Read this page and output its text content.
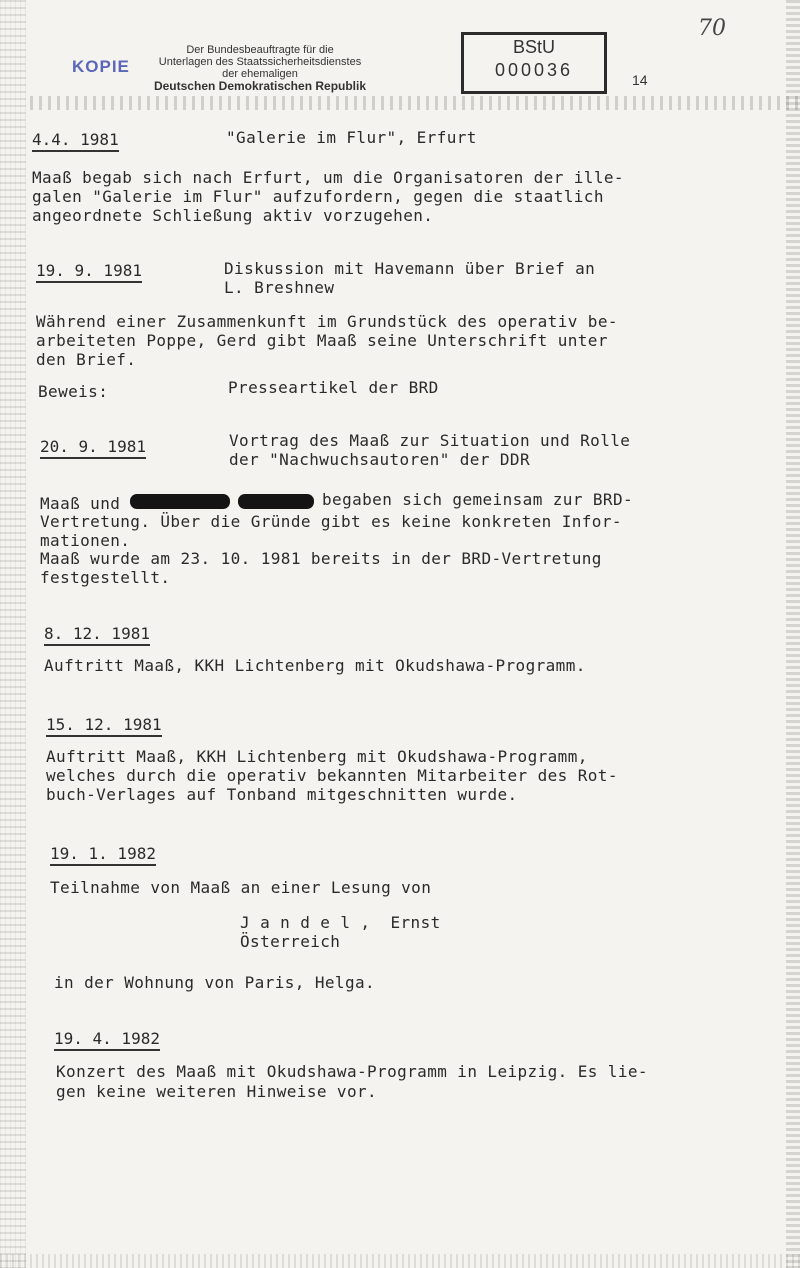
KOPIE
Der Bundesbeauftragte für die
Unterlagen des Staatssicherheitsdienstes
der ehemaligen
Deutschen Demokratischen Republik
BStU
000036	14
70
4.4. 1981	"Galerie im Flur", Erfurt
Maaß begab sich nach Erfurt, um die Organisatoren der ille-
galen "Galerie im Flur" aufzufordern, gegen die staatlich
angeordnete Schließung aktiv vorzugehen.
19. 9. 1981	Diskussion mit Havemann über Brief an
L. Breshnew
Während einer Zusammenkunft im Grundstück des operativ be-
arbeiteten Poppe, Gerd gibt Maaß seine Unterschrift unter
den Brief.
Beweis:	Presseartikel der BRD
20. 9. 1981	Vortrag des Maaß zur Situation und Rolle
der "Nachwuchsautoren" der DDR
Maaß und	begaben sich gemeinsam zur BRD-
Vertretung. Über die Gründe gibt es keine konkreten Infor-
mationen.
Maaß wurde am 23. 10. 1981 bereits in der BRD-Vertretung
festgestellt.
8. 12. 1981
Auftritt Maaß, KKH Lichtenberg mit Okudshawa-Programm.
15. 12. 1981
Auftritt Maaß, KKH Lichtenberg mit Okudshawa-Programm,
welches durch die operativ bekannten Mitarbeiter des Rot-
buch-Verlages auf Tonband mitgeschnitten wurde.
19. 1. 1982
Teilnahme von Maaß an einer Lesung von
J a n d e l ,  Ernst
Österreich
in der Wohnung von Paris, Helga.
19. 4. 1982
Konzert des Maaß mit Okudshawa-Programm in Leipzig. Es lie-
gen keine weiteren Hinweise vor.
